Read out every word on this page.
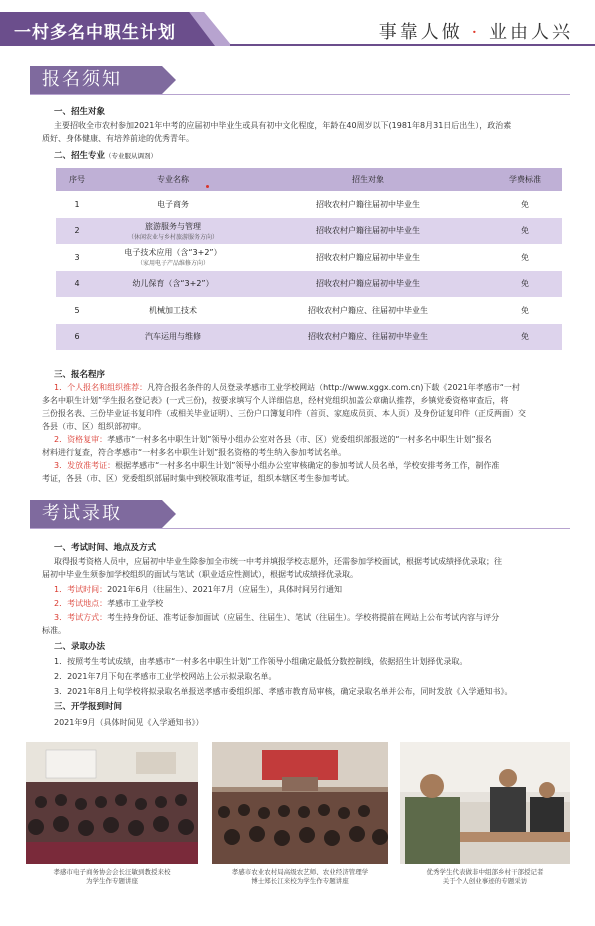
一村多名中职生计划	事靠人做 · 业由人兴
报名须知
一、招生对象
主要招收全市农村参加2021年中考的应届初中毕业生或具有初中文化程度，年龄在40周岁以下(1981年8月31日后出生），政治素
质好、身体健康、有培养前途的优秀青年。
二、招生专业（专业服从调剂）
序号	专业名称	招生对象	学费标准
1	电子商务	招收农村户籍往届初中毕业生	免
2	旅游服务与管理
（休闲农业与乡村旅游服务方向）	招收农村户籍往届初中毕业生	免
3	电子技术应用（含“3+2”）
（家用电子产品维修方向）	招收农村户籍应届初中毕业生	免
4	幼儿保育（含“3+2”）	招收农村户籍应届初中毕业生	免
5	机械加工技术	招收农村户籍应、往届初中毕业生	免
6	汽车运用与维修	招收农村户籍应、往届初中毕业生	免
三、报名程序
1．个人报名和组织推荐：凡符合报名条件的人员登录孝感市工业学校网站（http://www.xggx.com.cn)下载《2021年孝感市“一村
多名中职生计划”学生报名登记表》(一式三份)，按要求填写个人详细信息，经村党组织加盖公章确认推荐，乡镇党委资格审查后，将
三份报名表、三份毕业证书复印件（或相关毕业证明）、三份户口簿复印件（首页、家庭成员页、本人页）及身份证复印件（正反两面）交
各县（市、区）组织部初审。
2．资格复审：孝感市“一村多名中职生计划”领导小组办公室对各县（市、区）党委组织部报送的“一村多名中职生计划”报名
材料进行复查，符合孝感市“一村多名中职生计划”报名资格的考生纳入参加考试名单。
3．发放准考证：根据孝感市“一村多名中职生计划”领导小组办公室审核确定的参加考试人员名单，学校安排考务工作，制作准
考证，各县（市、区）党委组织部届时集中到校领取准考证，组织本辖区考生参加考试。
考试录取
一、考试时间、地点及方式
取得报考资格人员中，应届初中毕业生除参加全市统一中考并填报学校志愿外，还需参加学校面试，根据考试成绩择优录取；往
届初中毕业生须参加学校组织的面试与笔试（职业适应性测试），根据考试成绩择优录取。
1．考试时间：2021年6月（往届生）、2021年7月（应届生），具体时间另行通知
2．考试地点：孝感市工业学校
3．考试方式：考生持身份证、准考证参加面试（应届生、往届生）、笔试（往届生）。学校将提前在网站上公布考试内容与评分
标准。
二、录取办法
1．按照考生考试成绩，由孝感市“一村多名中职生计划”工作领导小组确定最低分数控制线，依据招生计划择优录取。
2．2021年7月下旬在孝感市工业学校网站上公示拟录取名单。
3．2021年8月上旬学校将拟录取名单报送孝感市委组织部、孝感市教育局审核，确定录取名单并公布，同时发放《入学通知书》。
三、开学报到时间
2021年9月（具体时间见《入学通知书》）
孝感市电子商务协会会长汪敏到教授来校
为学生作专题讲座
孝感市农业农村局高级农艺师、农业经济管理学
博士郑长江来校为学生作专题讲座
优秀学生代表做非中组部乡村干部授记者
关于个人创业事迹的专题采访
